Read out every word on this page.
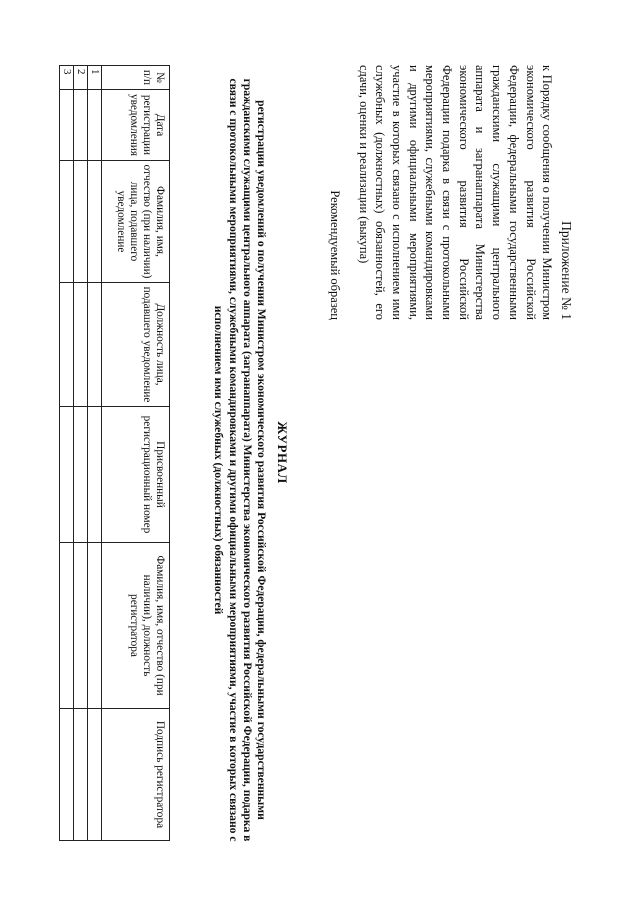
Приложение № 1
к Порядку сообщения о получении Министром экономического развития Российской Федерации, федеральными государственными гражданскими служащими центрального аппарата и загранаппарата Министерства экономического развития Российской Федерации подарка в связи с протокольными мероприятиями, служебными командировками и другими официальными мероприятиями, участие в которых связано с исполнением ими служебных (должностных) обязанностей, его сдачи, оценки и реализации (выкупа)
Рекомендуемый образец
ЖУРНАЛ
регистрации уведомлений о получении Министром экономического развития Российской Федерации, федеральными государственными гражданскими служащими центрального аппарата (загранаппарата) Министерства экономического развития Российской Федерации, подарка в связи с протокольными мероприятиями, служебными командировками и другими официальными мероприятиями, участие в которых связано с исполнением ими служебных (должностных) обязанностей
№ п/п	Дата регистрации уведомления	Фамилия, имя, отчество (при наличии) лица, подавшего уведомление	Должность лица, подавшего уведомление	Присвоенный регистрационный номер	Фамилия, имя, отчество (при наличии), должность регистратора	Подпись регистратора
1						
2						
3						
